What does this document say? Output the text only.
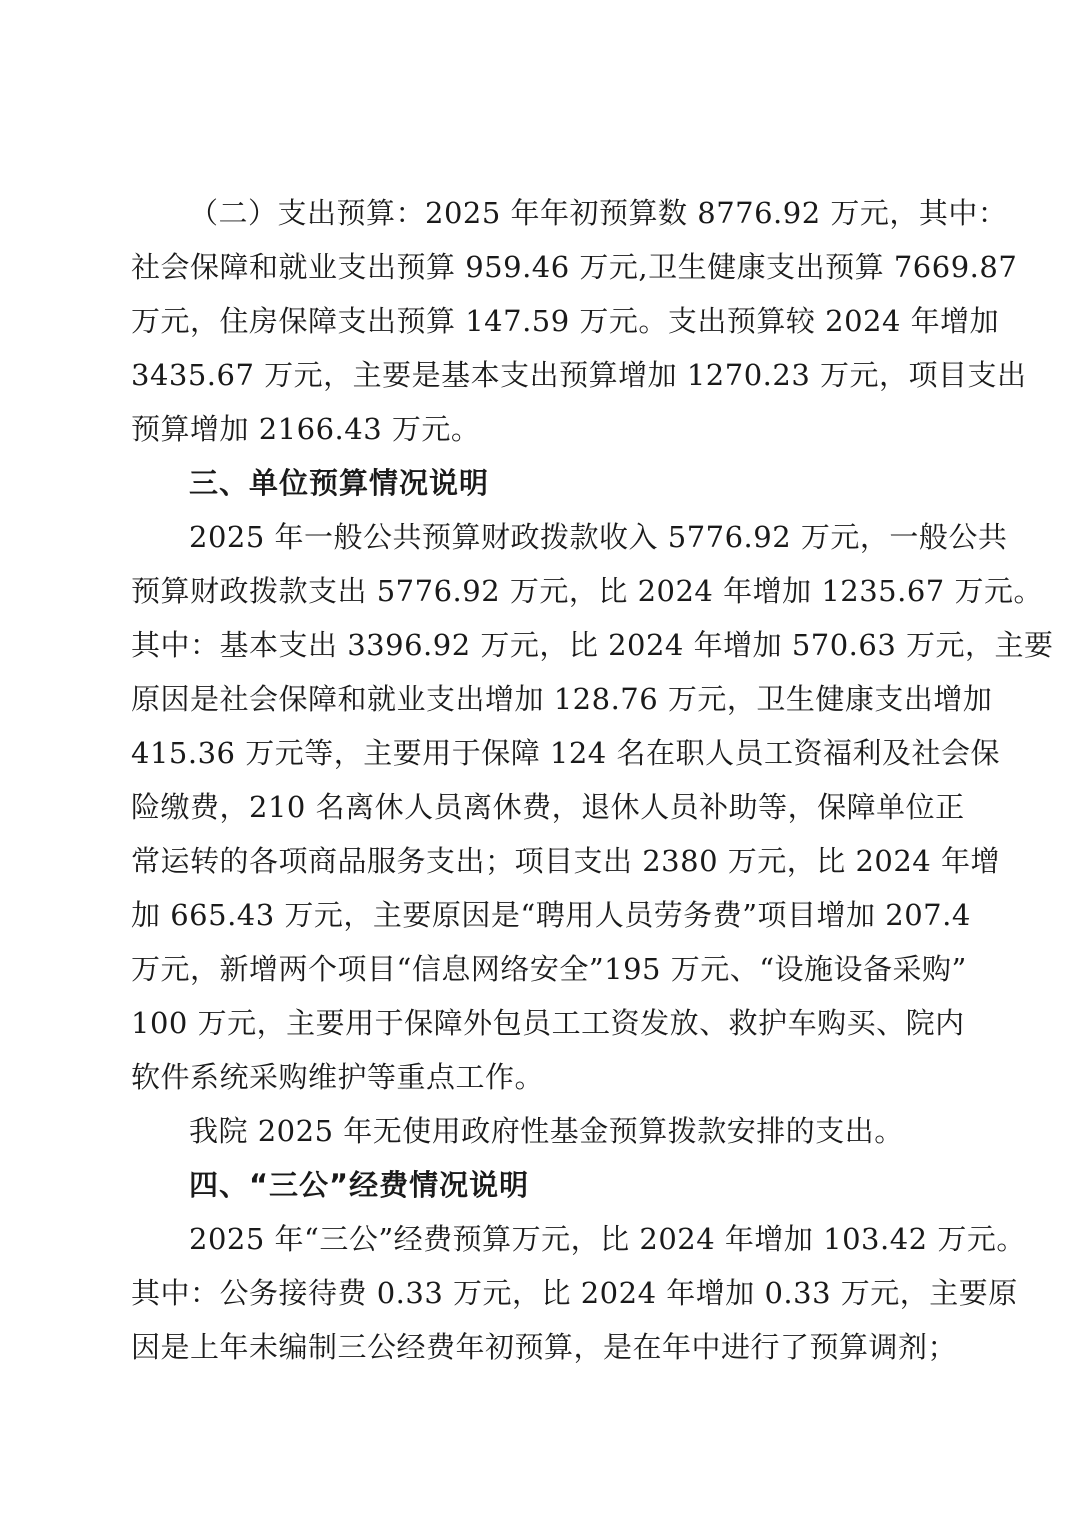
（二）支出预算：2025 年年初预算数 8776.92 万元，其中：
社会保障和就业支出预算 959.46 万元,卫生健康支出预算 7669.87
万元，住房保障支出预算 147.59 万元。支出预算较 2024 年增加
3435.67 万元，主要是基本支出预算增加 1270.23 万元，项目支出
预算增加 2166.43 万元。
三、单位预算情况说明
2025 年一般公共预算财政拨款收入 5776.92 万元，一般公共
预算财政拨款支出 5776.92 万元，比 2024 年增加 1235.67 万元。
其中：基本支出 3396.92 万元，比 2024 年增加 570.63 万元，主要
原因是社会保障和就业支出增加 128.76 万元，卫生健康支出增加
415.36 万元等，主要用于保障 124 名在职人员工资福利及社会保
险缴费，210 名离休人员离休费，退休人员补助等，保障单位正
常运转的各项商品服务支出；项目支出 2380 万元，比 2024 年增
加 665.43 万元，主要原因是“聘用人员劳务费”项目增加 207.4
万元，新增两个项目“信息网络安全”195 万元、“设施设备采购”
100 万元，主要用于保障外包员工工资发放、救护车购买、院内
软件系统采购维护等重点工作。
我院 2025 年无使用政府性基金预算拨款安排的支出。
四、“三公”经费情况说明
2025 年“三公”经费预算万元，比 2024 年增加 103.42 万元。
其中：公务接待费 0.33 万元，比 2024 年增加 0.33 万元，主要原
因是上年未编制三公经费年初预算，是在年中进行了预算调剂；
